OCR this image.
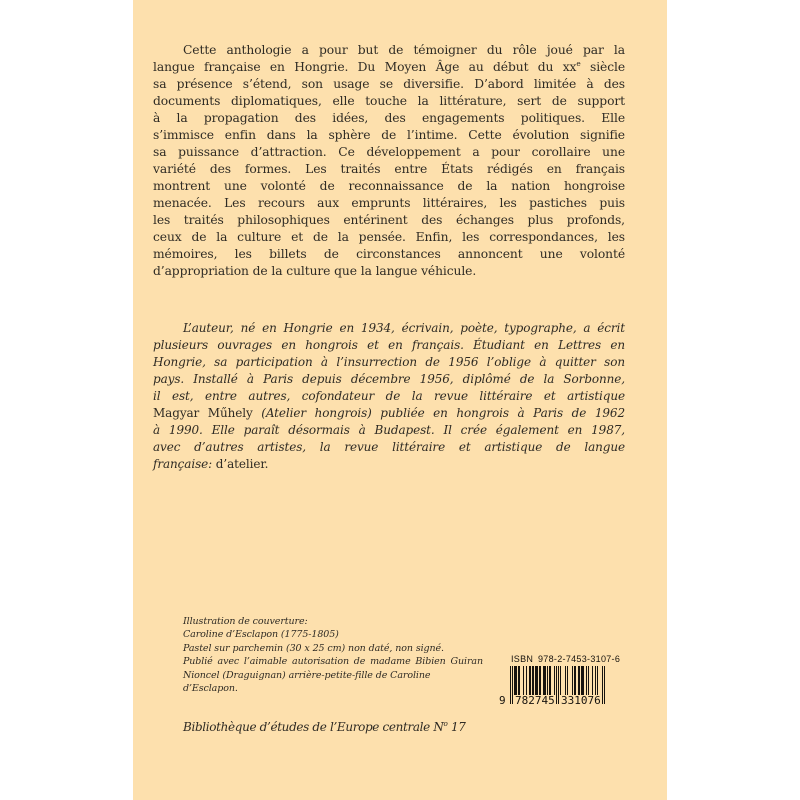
Cette anthologie a pour but de témoigner du rôle joué par la
langue française en Hongrie. Du Moyen Âge au début du $xx^e$ siècle
sa présence s’étend, son usage se diversifie. D’abord limitée à des
documents diplomatiques, elle touche la littérature, sert de support
à la propagation des idées, des engagements politiques. Elle
s’immisce enfin dans la sphère de l’intime. Cette évolution signifie
sa puissance d’attraction. Ce développement a pour corollaire une
variété des formes. Les traités entre États rédigés en français
montrent une volonté de reconnaissance de la nation hongroise
menacée. Les recours aux emprunts littéraires, les pastiches puis
les traités philosophiques entérinent des échanges plus profonds,
ceux de la culture et de la pensée. Enfin, les correspondances, les
mémoires, les billets de circonstances annoncent une volonté
d’appropriation de la culture que la langue véhicule.
L’auteur, né en Hongrie en 1934, écrivain, poète, typographe, a écrit
plusieurs ouvrages en hongrois et en français. Étudiant en Lettres en
Hongrie, sa participation à l’insurrection de 1956 l’oblige à quitter son
pays. Installé à Paris depuis décembre 1956, diplômé de la Sorbonne,
il est, entre autres, cofondateur de la revue littéraire et artistique
Magyar Műhely (Atelier hongrois) publiée en hongrois à Paris de 1962
à 1990. Elle paraît désormais à Budapest. Il crée également en 1987,
avec d’autres artistes, la revue littéraire et artistique de langue
française: d’atelier.
Illustration de couverture:
Caroline d’Esclapon (1775-1805)
Pastel sur parchemin (30 x 25 cm) non daté, non signé.
Publié avec l’aimable autorisation de madame Bibien Guiran
Nioncel (Draguignan) arrière-petite-fille de Caroline d’Esclapon.
Bibliothèque d’études de l’Europe centrale $N^o$ 17
ISBN 978-2-7453-3107-6
9 782745 331076
